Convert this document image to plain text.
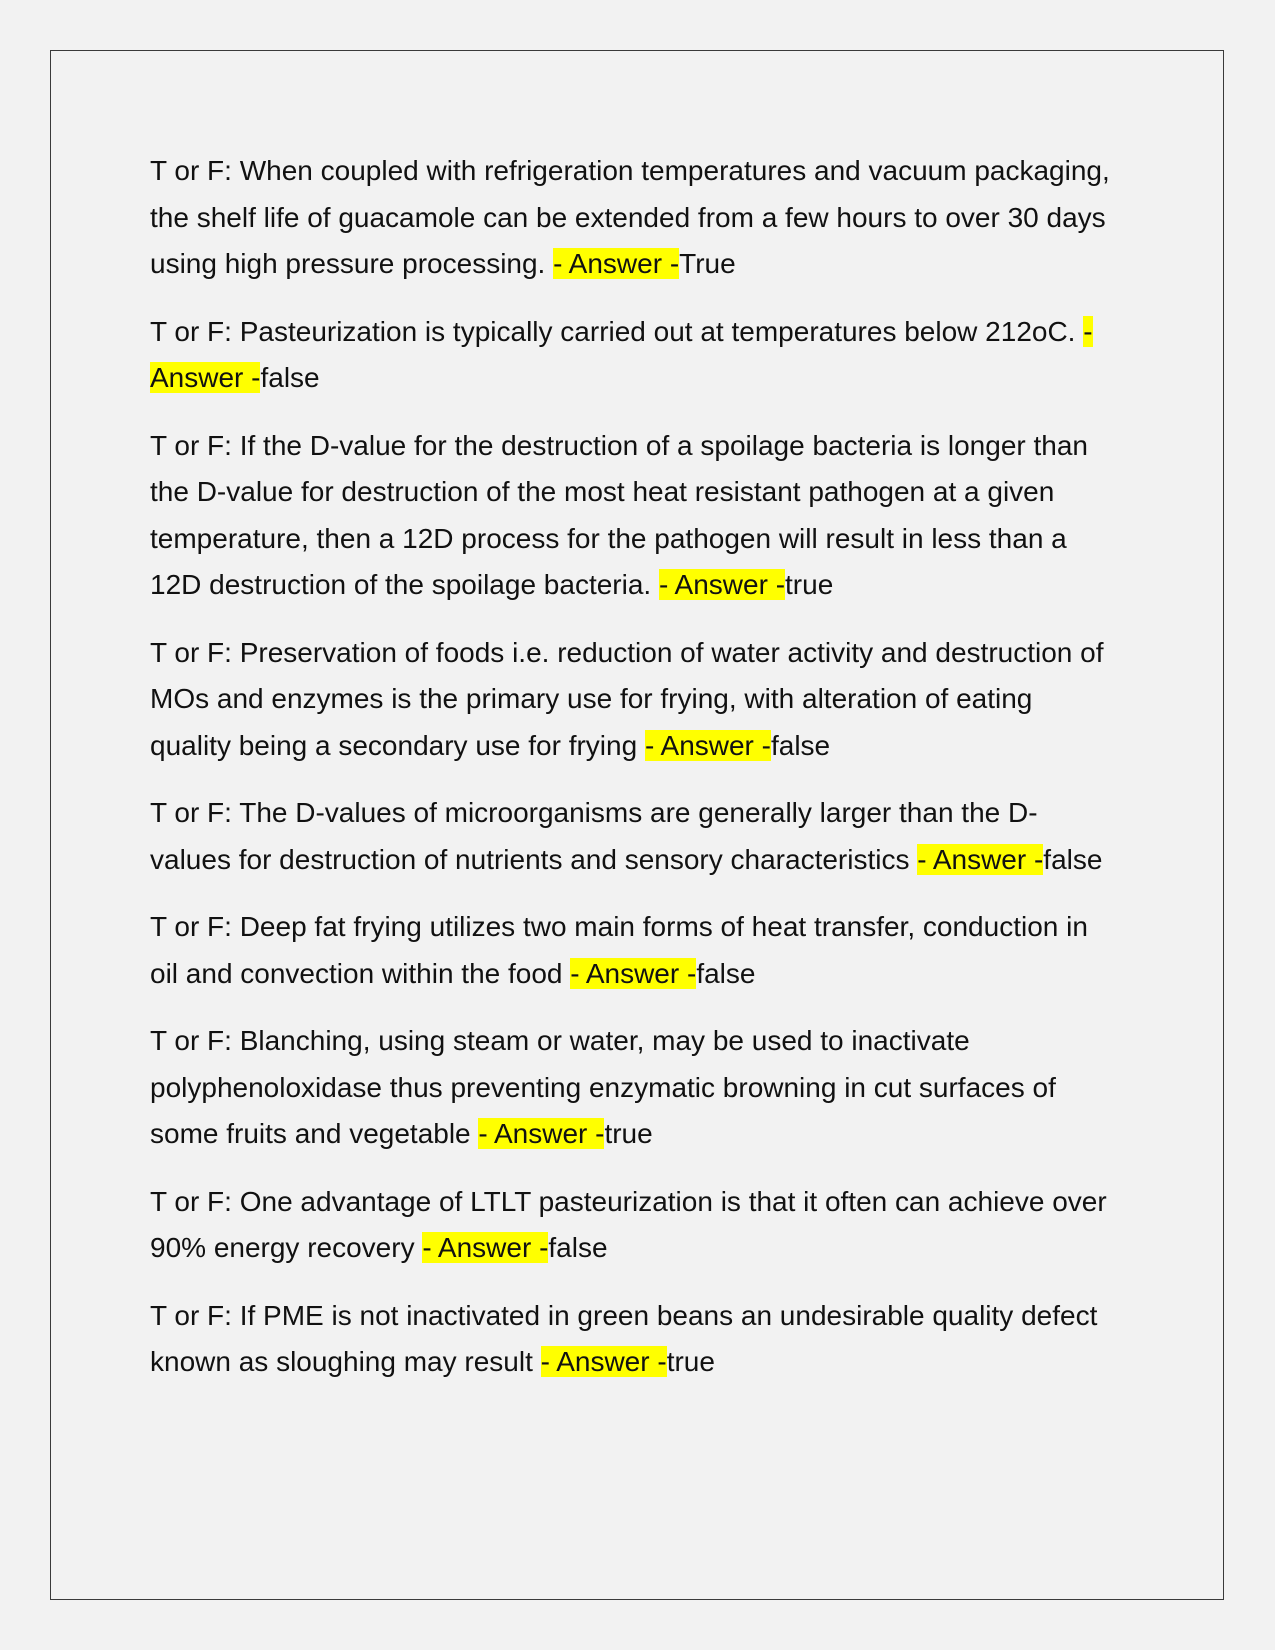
T or F: When coupled with refrigeration temperatures and vacuum packaging, the shelf life of guacamole can be extended from a few hours to over 30 days using high pressure processing. - Answer -True

T or F: Pasteurization is typically carried out at temperatures below 212oC. - Answer -false

T or F: If the D-value for the destruction of a spoilage bacteria is longer than the D-value for destruction of the most heat resistant pathogen at a given temperature, then a 12D process for the pathogen will result in less than a 12D destruction of the spoilage bacteria. - Answer -true

T or F: Preservation of foods i.e. reduction of water activity and destruction of MOs and enzymes is the primary use for frying, with alteration of eating quality being a secondary use for frying - Answer -false

T or F: The D-values of microorganisms are generally larger than the D-values for destruction of nutrients and sensory characteristics - Answer -false

T or F: Deep fat frying utilizes two main forms of heat transfer, conduction in oil and convection within the food - Answer -false

T or F: Blanching, using steam or water, may be used to inactivate polyphenoloxidase thus preventing enzymatic browning in cut surfaces of some fruits and vegetable - Answer -true

T or F: One advantage of LTLT pasteurization is that it often can achieve over 90% energy recovery - Answer -false

T or F: If PME is not inactivated in green beans an undesirable quality defect known as sloughing may result - Answer -true
